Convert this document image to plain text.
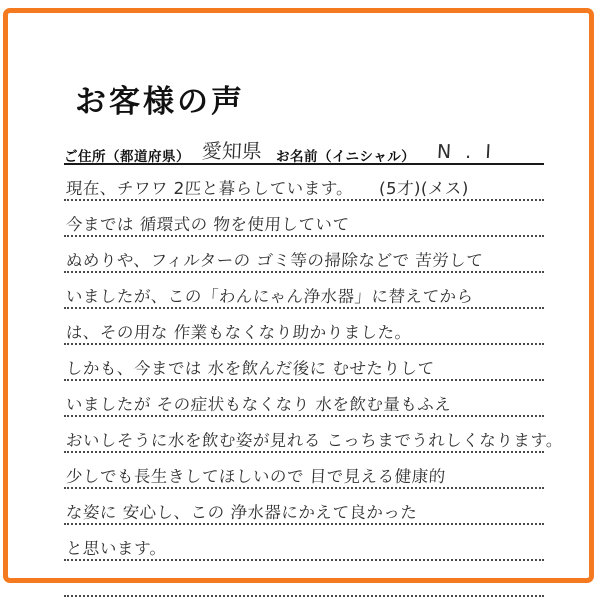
お客様の声
ご住所（都道府県） 愛知県 お名前（イニシャル） N . I
現在、チワワ 2匹と暮らしています。　　(5才)(メス)
今までは 循環式の 物を使用していて
ぬめりや、フィルターの ゴミ等の掃除などで 苦労して
いましたが、この「わんにゃん浄水器」に替えてから
は、その用な 作業もなくなり助かりました。
しかも、今までは 水を飲んだ後に むせたりして
いましたが その症状もなくなり 水を飲む量もふえ
おいしそうに水を飲む姿が見れる こっちまでうれしくなります。
少しでも長生きしてほしいので 目で見える健康的
な姿に 安心し、この 浄水器にかえて良かった
と思います。
